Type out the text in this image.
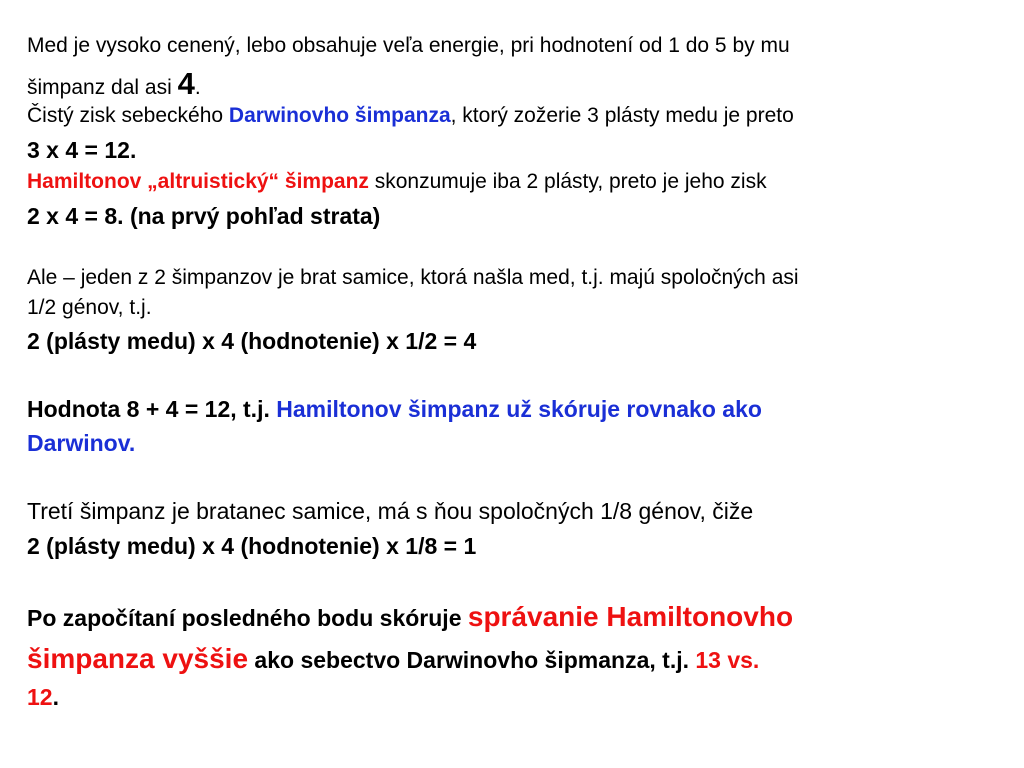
Med je vysoko cenený, lebo obsahuje veľa energie, pri hodnotení od 1 do 5 by mu
šimpanz dal asi 4.
Čistý zisk sebeckého Darwinovho šimpanza, ktorý zožerie 3 plásty medu je preto
3 x 4 = 12.
Hamiltonov „altruistický“ šimpanz skonzumuje iba 2 plásty, preto je jeho zisk
2 x 4 = 8. (na prvý pohľad strata)
Ale – jeden z 2 šimpanzov je brat samice, ktorá našla med, t.j. majú spoločných asi
1/2 génov, t.j.
2 (plásty medu) x 4 (hodnotenie) x 1/2 = 4
Hodnota 8 + 4 = 12, t.j. Hamiltonov šimpanz už skóruje rovnako ako
Darwinov.
Tretí šimpanz je bratanec samice, má s ňou spoločných 1/8 génov, čiže
2 (plásty medu) x 4 (hodnotenie) x 1/8 = 1
Po započítaní posledného bodu skóruje správanie Hamiltonovho
šimpanza vyššie ako sebectvo Darwinovho šipmanza, t.j. 13 vs.
12.
